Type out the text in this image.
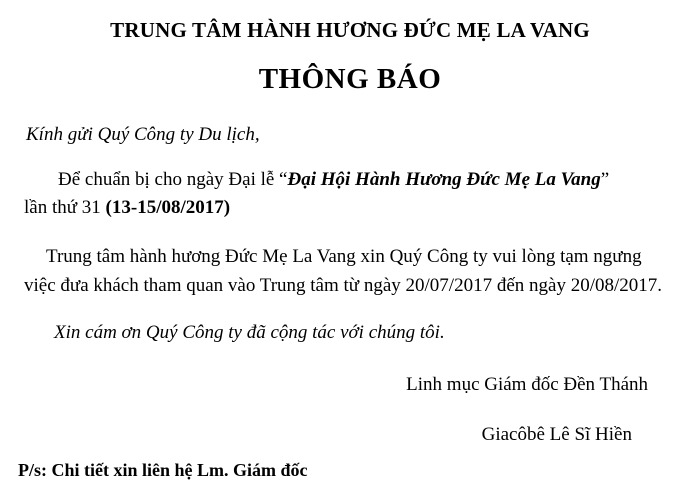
TRUNG TÂM HÀNH HƯƠNG ĐỨC MẸ LA VANG
THÔNG BÁO
Kính gửi Quý Công ty Du lịch,
Để chuẩn bị cho ngày Đại lễ “Đại Hội Hành Hương Đức Mẹ La Vang”
lần thứ 31 (13-15/08/2017)
Trung tâm hành hương Đức Mẹ La Vang xin Quý Công ty vui lòng tạm ngưng việc đưa khách tham quan vào Trung tâm từ ngày 20/07/2017 đến ngày 20/08/2017.
Xin cám ơn Quý Công ty đã cộng tác với chúng tôi.
Linh mục Giám đốc Đền Thánh
Giacôbê Lê Sĩ Hiền
P/s: Chi tiết xin liên hệ Lm. Giám đốc
